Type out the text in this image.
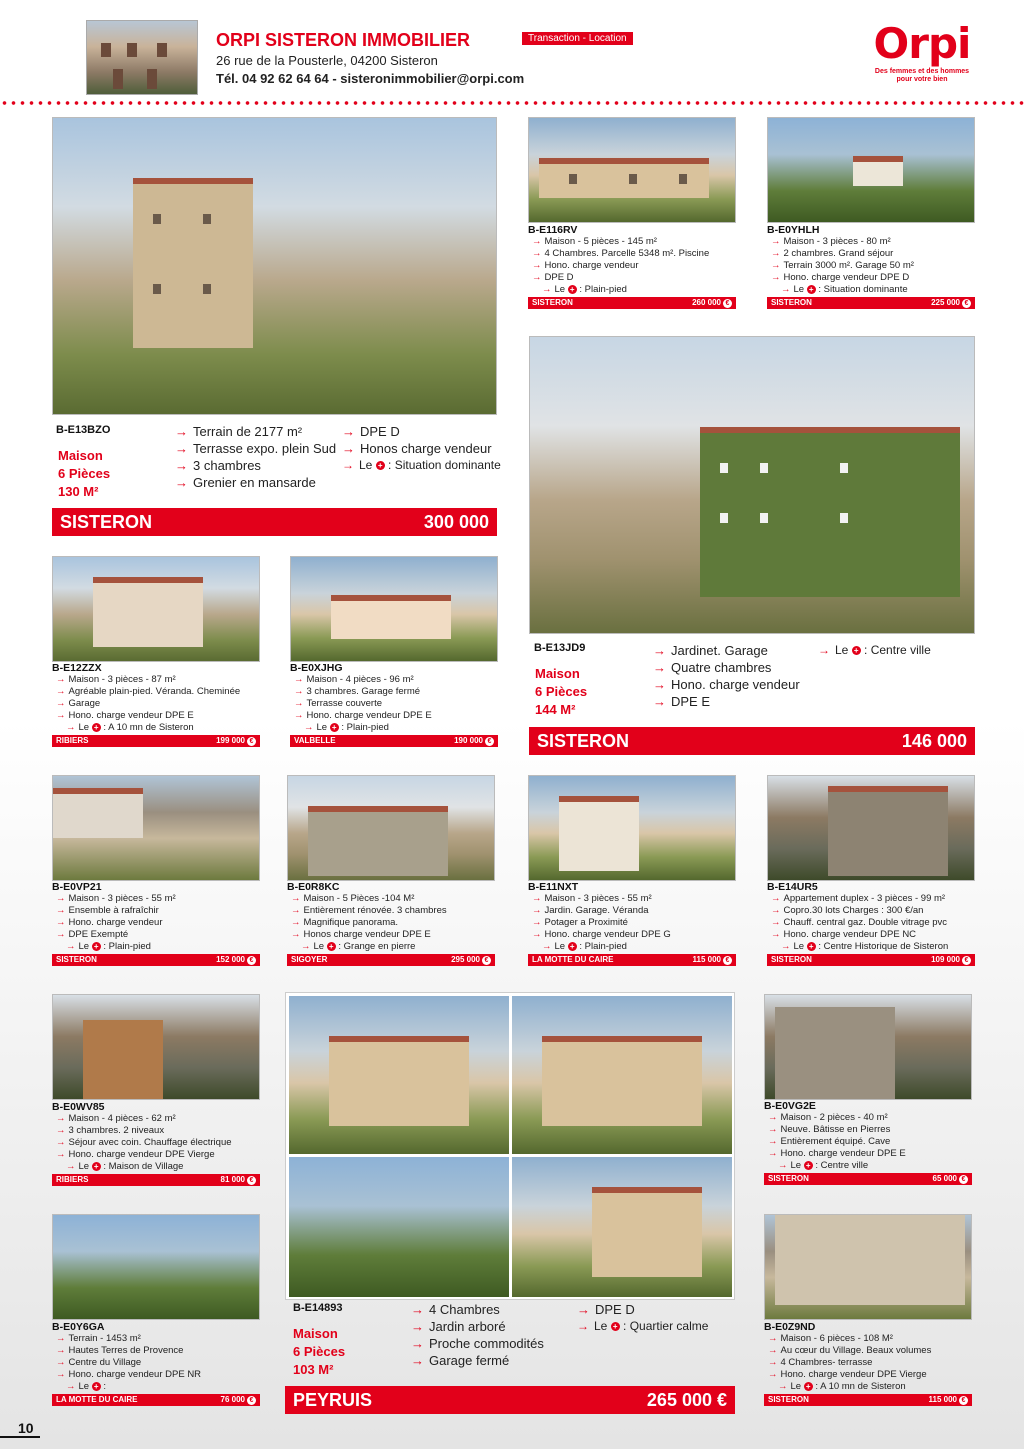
ORPI SISTERON IMMOBILIER
26 rue de la Pousterle, 04200 Sisteron
Tél. 04 92 62 64 64 - sisteronimmobilier@orpi.com
Transaction - Location	Orpi
Des femmes et des hommes
pour votre bien
B-E13BZO
Maison
6 Pièces
130 M²
→ Terrain de 2177 m²
→ Terrasse expo. plein Sud
→ 3 chambres
→ Grenier en mansarde
→ DPE D
→ Honos charge vendeur
→ Le + : Situation dominante
SISTERON	300 000
B-E13JD9
Maison
6 Pièces
144 M²
→ Jardinet. Garage
→ Quatre chambres
→ Hono. charge vendeur
→ DPE E
→ Le + : Centre ville
SISTERON	146 000
B-E14893
Maison
6 Pièces
103 M²
→ 4 Chambres
→ Jardin arboré
→ Proche commodités
→ Garage fermé
→ DPE D
→ Le + : Quartier calme
PEYRUIS	265 000 €
B-E116RV
→ Maison - 5 pièces - 145 m²
→ 4 Chambres. Parcelle 5348 m². Piscine
→ Hono. charge vendeur
→ DPE D
→ Le + : Plain-pied
SISTERON	260 000 €
B-E0YHLH
→ Maison - 3 pièces - 80 m²
→ 2 chambres. Grand séjour
→ Terrain 3000 m². Garage 50 m²
→ Hono. charge vendeur DPE D
→ Le + : Situation dominante
SISTERON	225 000 €
B-E12ZZX
→ Maison - 3 pièces - 87 m²
→ Agréable plain-pied. Véranda. Cheminée
→ Garage
→ Hono. charge vendeur DPE E
→ Le + : A 10 mn de Sisteron
RIBIERS	199 000 €
B-E0XJHG
→ Maison - 4 pièces - 96 m²
→ 3 chambres. Garage fermé
→ Terrasse couverte
→ Hono. charge vendeur DPE E
→ Le + : Plain-pied
VALBELLE	190 000 €
B-E0VP21
→ Maison - 3 pièces - 55 m²
→ Ensemble à rafraîchir
→ Hono. charge vendeur
→ DPE Exempté
→ Le + : Plain-pied
SISTERON	152 000 €
B-E0R8KC
→ Maison - 5 Pièces -104 M²
→ Entièrement rénovée. 3 chambres
→ Magnifique panorama.
→ Honos charge vendeur DPE E
→ Le + : Grange en pierre
SIGOYER	295 000 €
B-E11NXT
→ Maison - 3 pièces - 55 m²
→ Jardin. Garage. Véranda
→ Potager a Proximité
→ Hono. charge vendeur DPE G
→ Le + : Plain-pied
LA MOTTE DU CAIRE	115 000 €
B-E14UR5
→ Appartement duplex - 3 pièces - 99 m²
→ Copro.30 lots Charges : 300 €/an
→ Chauff. central gaz. Double vitrage pvc
→ Hono. charge vendeur DPE NC
→ Le + : Centre Historique de Sisteron
SISTERON	109 000 €
B-E0WV85
→ Maison - 4 pièces - 62 m²
→ 3 chambres. 2 niveaux
→ Séjour avec coin. Chauffage électrique
→ Hono. charge vendeur DPE Vierge
→ Le + : Maison de Village
RIBIERS	81 000 €
B-E0VG2E
→ Maison - 2 pièces - 40 m²
→ Neuve. Bâtisse en Pierres
→ Entièrement équipé. Cave
→ Hono. charge vendeur DPE E
→ Le + : Centre ville
SISTERON	65 000 €
B-E0Y6GA
→ Terrain - 1453 m²
→ Hautes Terres de Provence
→ Centre du Village
→ Hono. charge vendeur DPE NR
→ Le + :
LA MOTTE DU CAIRE	76 000 €
B-E0Z9ND
→ Maison - 6 pièces - 108 M²
→ Au cœur du Village. Beaux volumes
→ 4 Chambres- terrasse
→ Hono. charge vendeur DPE Vierge
→ Le + : A 10 mn de Sisteron
SISTERON	115 000 €
10
